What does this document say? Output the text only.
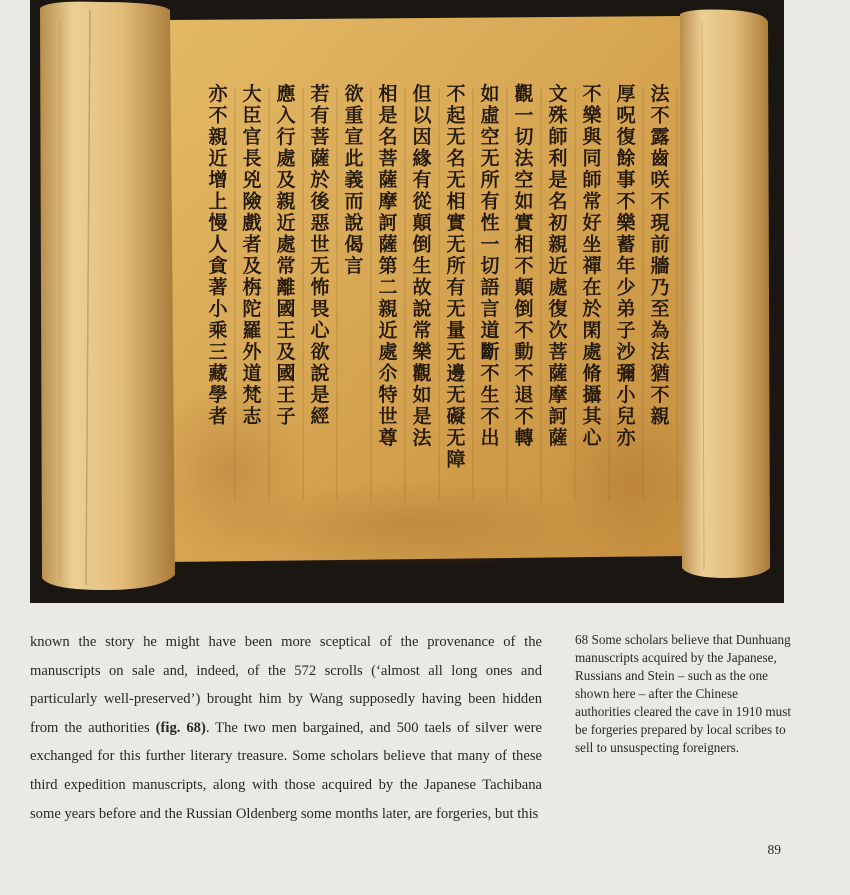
法不露齒咲不現前牆乃至為法猶不親
厚呪復餘事不樂蓄年少弟子沙彌小兒亦
不樂與同師常好坐禪在於閑處脩攝其心
文殊師利是名初親近處復次菩薩摩訶薩
觀一切法空如實相不顛倒不動不退不轉
如虛空无所有性一切語言道斷不生不出
不起无名无相實无所有无量无邊无礙无障
但以因緣有從顛倒生故說常樂觀如是法
相是名菩薩摩訶薩第二親近處尒特世尊
欲重宣此義而說偈言
若有菩薩於後惡世无怖畏心欲說是經
應入行處及親近處常離國王及國王子
大臣官長兇險戲者及栴陀羅外道梵志
亦不親近增上慢人貪著小乘三藏學者

known the story he might have been more sceptical of the provenance of the manuscripts on sale and, indeed, of the 572 scrolls (‘almost all long ones and particularly well-preserved’) brought him by Wang supposedly having been hidden from the authorities (fig. 68). The two men bargained, and 500 taels of silver were exchanged for this further literary treasure. Some scholars believe that many of these third expedition manuscripts, along with those acquired by the Japanese Tachibana some years before and the Russian Oldenberg some months later, are forgeries, but this

68 Some scholars believe that Dunhuang manuscripts acquired by the Japanese, Russians and Stein – such as the one shown here – after the Chinese authorities cleared the cave in 1910 must be forgeries prepared by local scribes to sell to unsuspecting foreigners.

89
